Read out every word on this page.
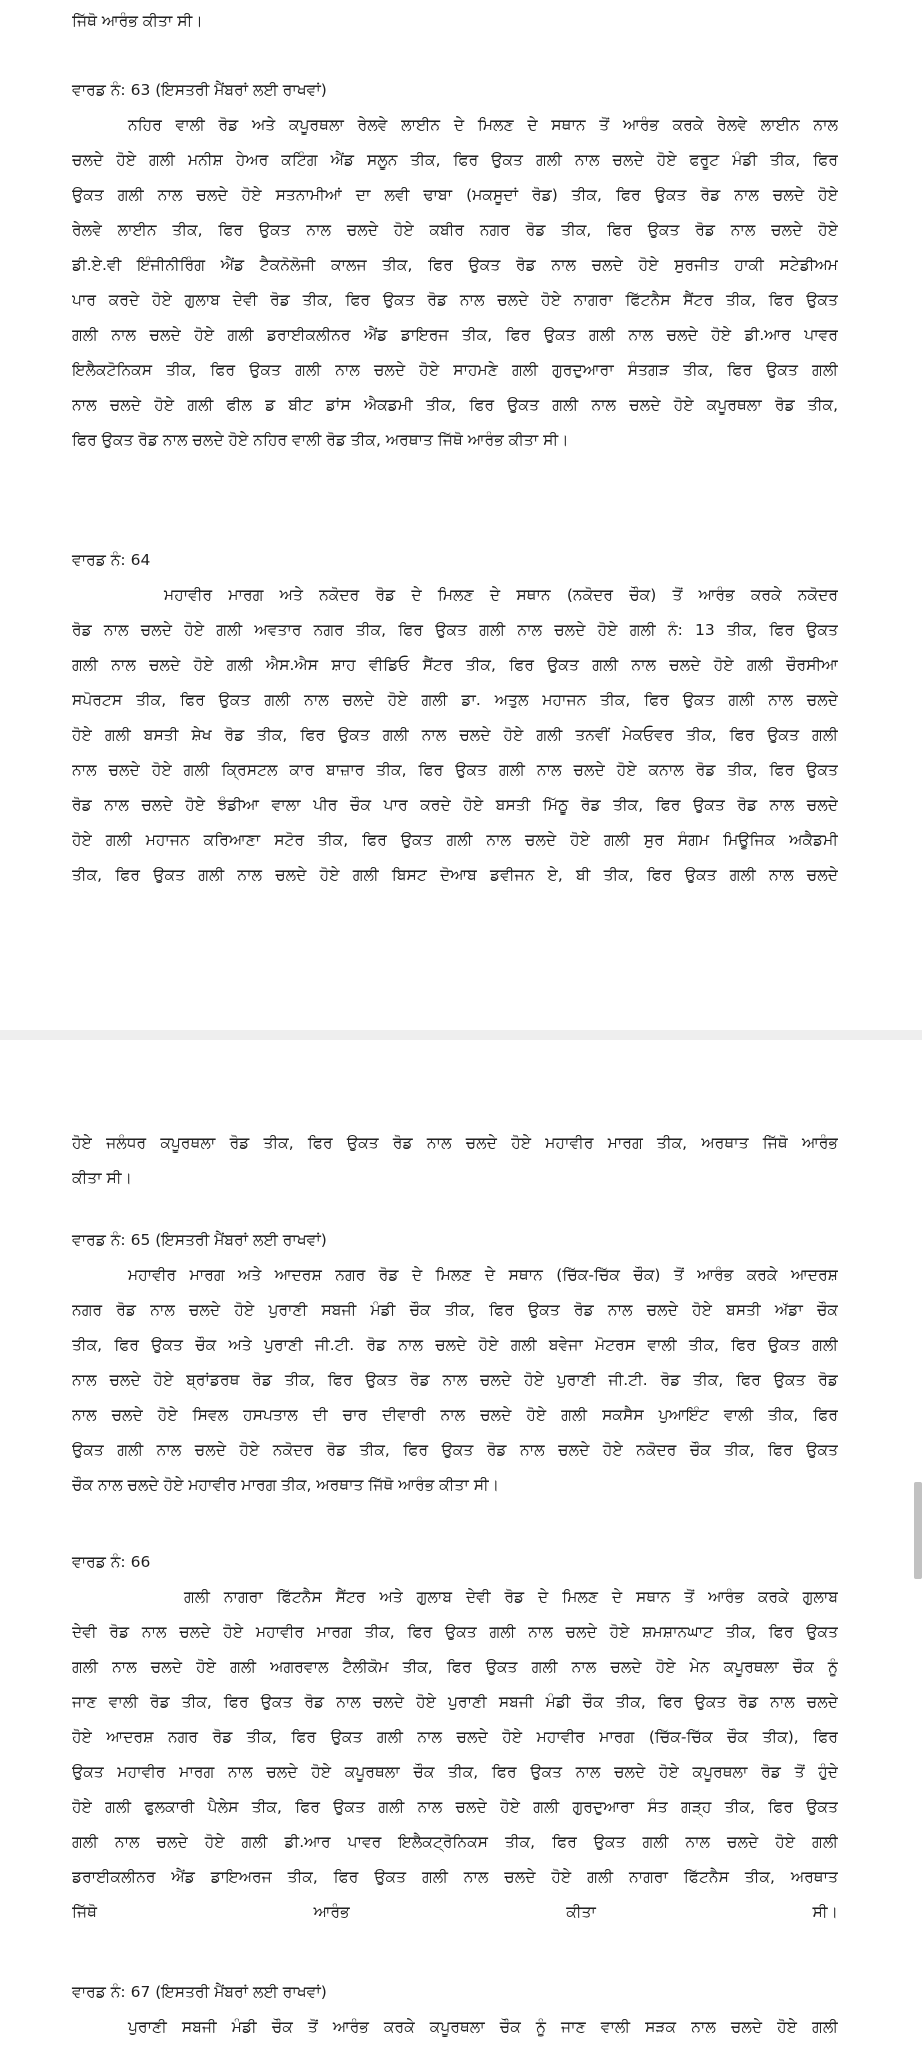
ਜਿੱਥੋ ਆਰੰਭ ਕੀਤਾ ਸੀ।
ਵਾਰਡ ਨੰ: 63 (ਇਸਤਰੀ ਮੈਂਬਰਾਂ ਲਈ ਰਾਖਵਾਂ)
ਨਹਿਰ ਵਾਲੀ ਰੋਡ ਅਤੇ ਕਪੂਰਥਲਾ ਰੇਲਵੇ ਲਾਈਨ ਦੇ ਮਿਲਣ ਦੇ ਸਥਾਨ ਤੋਂ ਆਰੰਭ ਕਰਕੇ ਰੇਲਵੇ ਲਾਈਨ ਨਾਲ
ਚਲਦੇ ਹੋਏ ਗਲੀ ਮਨੀਸ਼ ਹੇਅਰ ਕਟਿੰਗ ਐਂਡ ਸਲੂਨ ਤੀਕ, ਫਿਰ ਉਕਤ ਗਲੀ ਨਾਲ ਚਲਦੇ ਹੋਏ ਫਰੂਟ ਮੰਡੀ ਤੀਕ, ਫਿਰ
ਉਕਤ ਗਲੀ ਨਾਲ ਚਲਦੇ ਹੋਏ ਸਤਨਾਮੀਆਂ ਦਾ ਲਵੀ ਢਾਬਾ (ਮਕਸੂਦਾਂ ਰੋਡ) ਤੀਕ, ਫਿਰ ਉਕਤ ਰੋਡ ਨਾਲ ਚਲਦੇ ਹੋਏ
ਰੇਲਵੇ ਲਾਈਨ ਤੀਕ, ਫਿਰ ਉਕਤ ਨਾਲ ਚਲਦੇ ਹੋਏ ਕਬੀਰ ਨਗਰ ਰੋਡ ਤੀਕ, ਫਿਰ ਉਕਤ ਰੋਡ ਨਾਲ ਚਲਦੇ ਹੋਏ
ਡੀ.ਏ.ਵੀ ਇੰਜੀਨੀਰਿੰਗ ਐਂਡ ਟੈਕਨੋਲੋਜੀ ਕਾਲਜ ਤੀਕ, ਫਿਰ ਉਕਤ ਰੋਡ ਨਾਲ ਚਲਦੇ ਹੋਏ ਸੁਰਜੀਤ ਹਾਕੀ ਸਟੇਡੀਅਮ
ਪਾਰ ਕਰਦੇ ਹੋਏ ਗੁਲਾਬ ਦੇਵੀ ਰੋਡ ਤੀਕ, ਫਿਰ ਉਕਤ ਰੋਡ ਨਾਲ ਚਲਦੇ ਹੋਏ ਨਾਗਰਾ ਫਿੱਟਨੈਸ ਸੈਂਟਰ ਤੀਕ, ਫਿਰ ਉਕਤ
ਗਲੀ ਨਾਲ ਚਲਦੇ ਹੋਏ ਗਲੀ ਡਰਾਈਕਲੀਨਰ ਐਂਡ ਡਾਇਰਜ ਤੀਕ, ਫਿਰ ਉਕਤ ਗਲੀ ਨਾਲ ਚਲਦੇ ਹੋਏ ਡੀ.ਆਰ ਪਾਵਰ
ਇਲੈਕਟੋਨਿਕਸ ਤੀਕ, ਫਿਰ ਉਕਤ ਗਲੀ ਨਾਲ ਚਲਦੇ ਹੋਏ ਸਾਹਮਣੇ ਗਲੀ ਗੁਰਦੁਆਰਾ ਸੰਤਗੜ ਤੀਕ, ਫਿਰ ਉਕਤ ਗਲੀ
ਨਾਲ ਚਲਦੇ ਹੋਏ ਗਲੀ ਫੀਲ ਡ ਬੀਟ ਡਾਂਸ ਐਕਡਮੀ ਤੀਕ, ਫਿਰ ਉਕਤ ਗਲੀ ਨਾਲ ਚਲਦੇ ਹੋਏ ਕਪੂਰਥਲਾ ਰੋਡ ਤੀਕ,
ਫਿਰ ਉਕਤ ਰੋਡ ਨਾਲ ਚਲਦੇ ਹੋਏ ਨਹਿਰ ਵਾਲੀ ਰੋਡ ਤੀਕ, ਅਰਥਾਤ ਜਿੱਥੋ ਆਰੰਭ ਕੀਤਾ ਸੀ।
ਵਾਰਡ ਨੰ: 64
ਮਹਾਵੀਰ ਮਾਰਗ ਅਤੇ ਨਕੋਦਰ ਰੋਡ ਦੇ ਮਿਲਣ ਦੇ ਸਥਾਨ (ਨਕੋਦਰ ਚੌਕ) ਤੋਂ ਆਰੰਭ ਕਰਕੇ ਨਕੋਦਰ
ਰੋਡ ਨਾਲ ਚਲਦੇ ਹੋਏ ਗਲੀ ਅਵਤਾਰ ਨਗਰ ਤੀਕ, ਫਿਰ ਉਕਤ ਗਲੀ ਨਾਲ ਚਲਦੇ ਹੋਏ ਗਲੀ ਨੰ: 13 ਤੀਕ, ਫਿਰ ਉਕਤ
ਗਲੀ ਨਾਲ ਚਲਦੇ ਹੋਏ ਗਲੀ ਐਸ.ਐਸ ਸ਼ਾਹ ਵੀਡਿਓ ਸੈਂਟਰ ਤੀਕ, ਫਿਰ ਉਕਤ ਗਲੀ ਨਾਲ ਚਲਦੇ ਹੋਏ ਗਲੀ ਚੌਰਸੀਆ
ਸਪੋਰਟਸ ਤੀਕ, ਫਿਰ ਉਕਤ ਗਲੀ ਨਾਲ ਚਲਦੇ ਹੋਏ ਗਲੀ ਡਾ. ਅਤੁਲ ਮਹਾਜਨ ਤੀਕ, ਫਿਰ ਉਕਤ ਗਲੀ ਨਾਲ ਚਲਦੇ
ਹੋਏ ਗਲੀ ਬਸਤੀ ਸ਼ੇਖ ਰੋਡ ਤੀਕ, ਫਿਰ ਉਕਤ ਗਲੀ ਨਾਲ ਚਲਦੇ ਹੋਏ ਗਲੀ ਤਨਵੀਂ ਮੇਕਓਵਰ ਤੀਕ, ਫਿਰ ਉਕਤ ਗਲੀ
ਨਾਲ ਚਲਦੇ ਹੋਏ ਗਲੀ ਕ੍ਰਿਸਟਲ ਕਾਰ ਬਾਜ਼ਾਰ ਤੀਕ, ਫਿਰ ਉਕਤ ਗਲੀ ਨਾਲ ਚਲਦੇ ਹੋਏ ਕਨਾਲ ਰੋਡ ਤੀਕ, ਫਿਰ ਉਕਤ
ਰੋਡ ਨਾਲ ਚਲਦੇ ਹੋਏ ਝੰਡੀਆ ਵਾਲਾ ਪੀਰ ਚੌਕ ਪਾਰ ਕਰਦੇ ਹੋਏ ਬਸਤੀ ਮਿੱਠੂ ਰੋਡ ਤੀਕ, ਫਿਰ ਉਕਤ ਰੋਡ ਨਾਲ ਚਲਦੇ
ਹੋਏ ਗਲੀ ਮਹਾਜਨ ਕਰਿਆਣਾ ਸਟੋਰ ਤੀਕ, ਫਿਰ ਉਕਤ ਗਲੀ ਨਾਲ ਚਲਦੇ ਹੋਏ ਗਲੀ ਸੁਰ ਸੰਗਮ ਮਿਊਜਿਕ ਅਕੈਡਮੀ
ਤੀਕ, ਫਿਰ ਉਕਤ ਗਲੀ ਨਾਲ ਚਲਦੇ ਹੋਏ ਗਲੀ ਬਿਸਟ ਦੋਆਬ ਡਵੀਜਨ ਏ, ਬੀ ਤੀਕ, ਫਿਰ ਉਕਤ ਗਲੀ ਨਾਲ ਚਲਦੇ
ਹੋਏ ਜਲੰਧਰ ਕਪੂਰਥਲਾ ਰੋਡ ਤੀਕ, ਫਿਰ ਉਕਤ ਰੋਡ ਨਾਲ ਚਲਦੇ ਹੋਏ ਮਹਾਵੀਰ ਮਾਰਗ ਤੀਕ, ਅਰਥਾਤ ਜਿੱਥੋ ਆਰੰਭ
ਕੀਤਾ ਸੀ।
ਵਾਰਡ ਨੰ: 65 (ਇਸਤਰੀ ਮੈਂਬਰਾਂ ਲਈ ਰਾਖਵਾਂ)
ਮਹਾਵੀਰ ਮਾਰਗ ਅਤੇ ਆਦਰਸ਼ ਨਗਰ ਰੋਡ ਦੇ ਮਿਲਣ ਦੇ ਸਥਾਨ (ਚਿੱਕ-ਚਿੱਕ ਚੌਕ) ਤੋਂ ਆਰੰਭ ਕਰਕੇ ਆਦਰਸ਼
ਨਗਰ ਰੋਡ ਨਾਲ ਚਲਦੇ ਹੋਏ ਪੁਰਾਣੀ ਸਬਜੀ ਮੰਡੀ ਚੌਕ ਤੀਕ, ਫਿਰ ਉਕਤ ਰੋਡ ਨਾਲ ਚਲਦੇ ਹੋਏ ਬਸਤੀ ਅੱਡਾ ਚੌਕ
ਤੀਕ, ਫਿਰ ਉਕਤ ਚੌਕ ਅਤੇ ਪੁਰਾਣੀ ਜੀ.ਟੀ. ਰੋਡ ਨਾਲ ਚਲਦੇ ਹੋਏ ਗਲੀ ਬਵੇਜਾ ਮੋਟਰਸ ਵਾਲੀ ਤੀਕ, ਫਿਰ ਉਕਤ ਗਲੀ
ਨਾਲ ਚਲਦੇ ਹੋਏ ਬ੍ਰਾਂਡਰਥ ਰੋਡ ਤੀਕ, ਫਿਰ ਉਕਤ ਰੋਡ ਨਾਲ ਚਲਦੇ ਹੋਏ ਪੁਰਾਣੀ ਜੀ.ਟੀ. ਰੋਡ ਤੀਕ, ਫਿਰ ਉਕਤ ਰੋਡ
ਨਾਲ ਚਲਦੇ ਹੋਏ ਸਿਵਲ ਹਸਪਤਾਲ ਦੀ ਚਾਰ ਦੀਵਾਰੀ ਨਾਲ ਚਲਦੇ ਹੋਏ ਗਲੀ ਸਕਸੈਸ ਪੁਆਇੰਟ ਵਾਲੀ ਤੀਕ, ਫਿਰ
ਉਕਤ ਗਲੀ ਨਾਲ ਚਲਦੇ ਹੋਏ ਨਕੋਦਰ ਰੋਡ ਤੀਕ, ਫਿਰ ਉਕਤ ਰੋਡ ਨਾਲ ਚਲਦੇ ਹੋਏ ਨਕੋਦਰ ਚੌਕ ਤੀਕ, ਫਿਰ ਉਕਤ
ਚੌਕ ਨਾਲ ਚਲਦੇ ਹੋਏ ਮਹਾਵੀਰ ਮਾਰਗ ਤੀਕ, ਅਰਥਾਤ ਜਿੱਥੋ ਆਰੰਭ ਕੀਤਾ ਸੀ।
ਵਾਰਡ ਨੰ: 66
ਗਲੀ ਨਾਗਰਾ ਫਿੱਟਨੈਸ ਸੈਂਟਰ ਅਤੇ ਗੁਲਾਬ ਦੇਵੀ ਰੋਡ ਦੇ ਮਿਲਣ ਦੇ ਸਥਾਨ ਤੋਂ ਆਰੰਭ ਕਰਕੇ ਗੁਲਾਬ
ਦੇਵੀ ਰੋਡ ਨਾਲ ਚਲਦੇ ਹੋਏ ਮਹਾਵੀਰ ਮਾਰਗ ਤੀਕ, ਫਿਰ ਉਕਤ ਗਲੀ ਨਾਲ ਚਲਦੇ ਹੋਏ ਸ਼ਮਸ਼ਾਨਘਾਟ ਤੀਕ, ਫਿਰ ਉਕਤ
ਗਲੀ ਨਾਲ ਚਲਦੇ ਹੋਏ ਗਲੀ ਅਗਰਵਾਲ ਟੈਲੀਕੋਮ ਤੀਕ, ਫਿਰ ਉਕਤ ਗਲੀ ਨਾਲ ਚਲਦੇ ਹੋਏ ਮੇਨ ਕਪੂਰਥਲਾ ਚੌਕ ਨੂੰ
ਜਾਣ ਵਾਲੀ ਰੋਡ ਤੀਕ, ਫਿਰ ਉਕਤ ਰੋਡ ਨਾਲ ਚਲਦੇ ਹੋਏ ਪੁਰਾਣੀ ਸਬਜੀ ਮੰਡੀ ਚੌਕ ਤੀਕ, ਫਿਰ ਉਕਤ ਰੋਡ ਨਾਲ ਚਲਦੇ
ਹੋਏ ਆਦਰਸ਼ ਨਗਰ ਰੋਡ ਤੀਕ, ਫਿਰ ਉਕਤ ਗਲੀ ਨਾਲ ਚਲਦੇ ਹੋਏ ਮਹਾਵੀਰ ਮਾਰਗ (ਚਿੱਕ-ਚਿੱਕ ਚੌਕ ਤੀਕ), ਫਿਰ
ਉਕਤ ਮਹਾਵੀਰ ਮਾਰਗ ਨਾਲ ਚਲਦੇ ਹੋਏ ਕਪੂਰਥਲਾ ਚੌਕ ਤੀਕ, ਫਿਰ ਉਕਤ ਨਾਲ ਚਲਦੇ ਹੋਏ ਕਪੂਰਥਲਾ ਰੋਡ ਤੋਂ ਹੁੰਦੇ
ਹੋਏ ਗਲੀ ਫੁਲਕਾਰੀ ਪੈਲੇਸ ਤੀਕ, ਫਿਰ ਉਕਤ ਗਲੀ ਨਾਲ ਚਲਦੇ ਹੋਏ ਗਲੀ ਗੁਰਦੁਆਰਾ ਸੰਤ ਗੜ੍ਹ ਤੀਕ, ਫਿਰ ਉਕਤ
ਗਲੀ ਨਾਲ ਚਲਦੇ ਹੋਏ ਗਲੀ ਡੀ.ਆਰ ਪਾਵਰ ਇਲੈਕਟ੍ਰੋਨਿਕਸ ਤੀਕ, ਫਿਰ ਉਕਤ ਗਲੀ ਨਾਲ ਚਲਦੇ ਹੋਏ ਗਲੀ
ਡਰਾਈਕਲੀਨਰ ਐਂਡ ਡਾਇਅਰਜ ਤੀਕ, ਫਿਰ ਉਕਤ ਗਲੀ ਨਾਲ ਚਲਦੇ ਹੋਏ ਗਲੀ ਨਾਗਰਾ ਫਿੱਟਨੈਸ ਤੀਕ, ਅਰਥਾਤ
ਜਿੱਥੋ ਆਰੰਭ ਕੀਤਾ ਸੀ।
ਵਾਰਡ ਨੰ: 67 (ਇਸਤਰੀ ਮੈਂਬਰਾਂ ਲਈ ਰਾਖਵਾਂ)
ਪੁਰਾਣੀ ਸਬਜੀ ਮੰਡੀ ਚੌਕ ਤੋਂ ਆਰੰਭ ਕਰਕੇ ਕਪੂਰਥਲਾ ਚੌਕ ਨੂੰ ਜਾਣ ਵਾਲੀ ਸੜਕ ਨਾਲ ਚਲਦੇ ਹੋਏ ਗਲੀ
